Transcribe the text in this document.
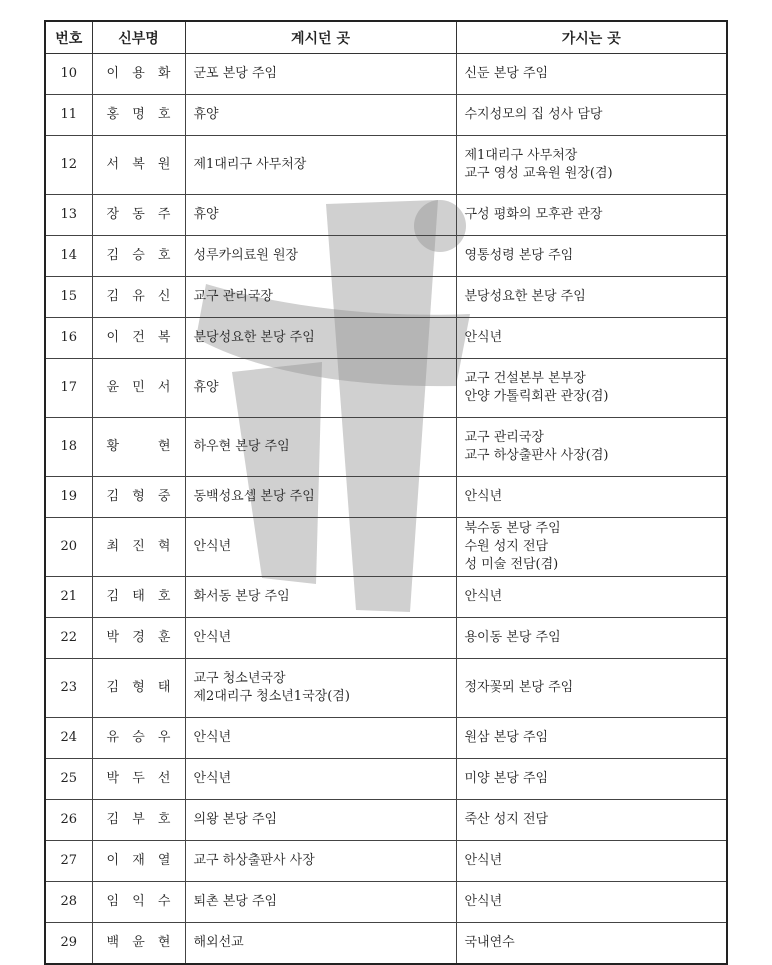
번호	신부명	계시던 곳	가시는 곳
10	이 용 화	군포 본당 주임	신둔 본당 주임

11	홍 명 호	휴양	수지성모의 집 성사 담당

12	서 복 원	제1대리구 사무처장	제1대리구 사무처장
교구 영성 교육원 원장(겸)

13	장 동 주	휴양	구성 평화의 모후관 관장

14	김 승 호	성루카의료원 원장	영통성령 본당 주임

15	김 유 신	교구 관리국장	분당성요한 본당 주임

16	이 건 복	분당성요한 본당 주임	안식년

17	윤 민 서	휴양	교구 건설본부 본부장
안양 가톨릭회관 관장(겸)

18	황 현	하우현 본당 주임	교구 관리국장
교구 하상출판사 사장(겸)

19	김 형 중	동백성요셉 본당 주임	안식년

20	최 진 혁	안식년	북수동 본당 주임
수원 성지 전담
성 미술 전담(겸)

21	김 태 호	화서동 본당 주임	안식년

22	박 경 훈	안식년	용이동 본당 주임

23	김 형 태	교구 청소년국장
제2대리구 청소년1국장(겸)	정자꽃뫼 본당 주임

24	유 승 우	안식년	원삼 본당 주임

25	박 두 선	안식년	미양 본당 주임

26	김 부 호	의왕 본당 주임	죽산 성지 전담

27	이 재 열	교구 하상출판사 사장	안식년

28	임 익 수	퇴촌 본당 주임	안식년

29	백 윤 현	해외선교	국내연수
